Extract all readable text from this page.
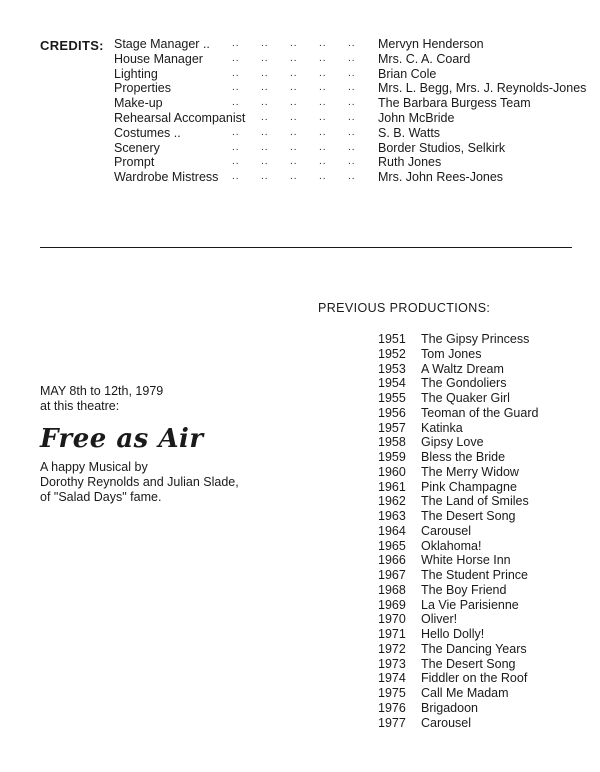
CREDITS:	.. .. .. .. ..
Stage Manager ..	Mervyn Henderson
.. .. .. .. ..
House Manager	Mrs. C. A. Coard
.. .. .. .. ..
Lighting	Brian Cole
.. .. .. .. ..
Properties	Mrs. L. Begg, Mrs. J. Reynolds-Jones
.. .. .. .. ..
Make-up	The Barbara Burgess Team
.. .. .. ..
Rehearsal Accompanist	John McBride
.. .. .. .. ..
Costumes ..	S. B. Watts
.. .. .. .. ..
Scenery	Border Studios, Selkirk
.. .. .. .. ..
Prompt	Ruth Jones
.. .. .. .. ..
Wardrobe Mistress	Mrs. John Rees-Jones
MAY 8th to 12th, 1979
at this theatre:
Free as Air
A happy Musical by
Dorothy Reynolds and Julian Slade,
of "Salad Days" fame.
PREVIOUS PRODUCTIONS:
1951 The Gipsy Princess
1952 Tom Jones
1953 A Waltz Dream
1954 The Gondoliers
1955 The Quaker Girl
1956 Teoman of the Guard
1957 Katinka
1958 Gipsy Love
1959 Bless the Bride
1960 The Merry Widow
1961 Pink Champagne
1962 The Land of Smiles
1963 The Desert Song
1964 Carousel
1965 Oklahoma!
1966 White Horse Inn
1967 The Student Prince
1968 The Boy Friend
1969 La Vie Parisienne
1970 Oliver!
1971 Hello Dolly!
1972 The Dancing Years
1973 The Desert Song
1974 Fiddler on the Roof
1975 Call Me Madam
1976 Brigadoon
1977 Carousel
